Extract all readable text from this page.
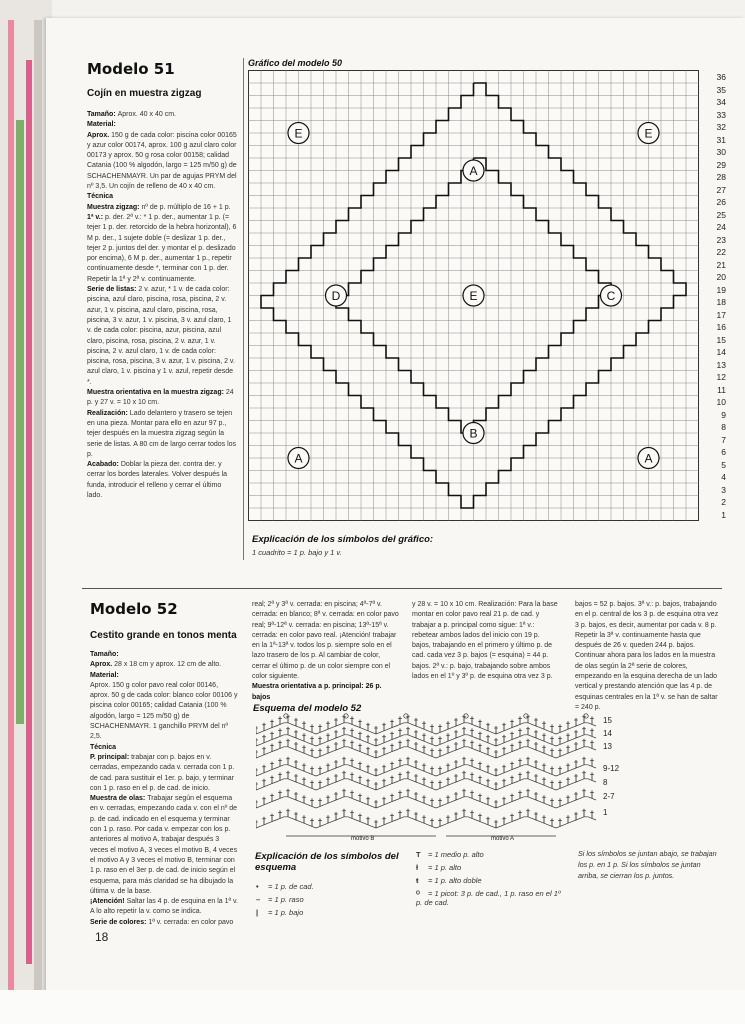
Modelo 51
Cojín en muestra zigzag

Tamaño: Aprox. 40 x 40 cm.

Material:

Aprox. 150 g de cada color: piscina color 00165 y azur color 00174, aprox. 100 g azul claro color 00173 y aprox. 50 g rosa color 00158; calidad Catania (100 % algodón, largo = 125 m/50 g) de SCHACHENMAYR. Un par de agujas PRYM del nº 3,5. Un cojín de relleno de 40 x 40 cm.

Técnica

Muestra zigzag: nº de p. múltiplo de 16 + 1 p.

1ª v.: p. der. 2ª v.: * 1 p. der., aumentar 1 p. (= tejer 1 p. der. retorcido de la hebra horizontal), 6 M p. der., 1 sujete doble (= deslizar 1 p. der., tejer 2 p. juntos del der. y montar el p. deslizado por encima), 6 M p. der., aumentar 1 p., repetir continuamente desde *, terminar con 1 p. der. Repetir la 1ª y 2ª v. continuamente.

Serie de listas: 2 v. azur, * 1 v. de cada color: piscina, azul claro, piscina, rosa, piscina, 2 v. azur, 1 v. piscina, azul claro, piscina, rosa, piscina, 3 v. azur, 1 v. piscina, 3 v. azul claro, 1 v. de cada color: piscina, azur, piscina, azul claro, piscina, rosa, piscina, 2 v. azur, 1 v. piscina, 2 v. azul claro, 1 v. de cada color: piscina, rosa, piscina, 3 v. azur, 1 v. piscina, 2 v. azul claro, 1 v. piscina y 1 v. azul, repetir desde *.

Muestra orientativa en la muestra zigzag: 24 p. y 27 v. = 10 x 10 cm.

Realización: Lado delantero y trasero se tejen en una pieza. Montar para ello en azur 97 p., tejer después en la muestra zigzag según la serie de listas. A 80 cm de largo cerrar todos los p.

Acabado: Doblar la pieza der. contra der. y cerrar los bordes laterales. Volver después la funda, introducir el relleno y cerrar el último lado.

Gráfico del modelo 50
E	E
A
D	E	C
B
A	A
36
35
34
33
32
31
30
29
28
27
26
25
24
23
22
21
20
19
18
17
16
15
14
13
12
11
10
9
8
7
6
5
4
3
2
1
Explicación de los símbolos del gráfico:
1 cuadrito = 1 p. bajo y 1 v.
Modelo 52
Cestito grande en tonos menta

Tamaño:

Aprox. 28 x 18 cm y aprox. 12 cm de alto.

Material:

Aprox. 150 g color pavo real color 00146, aprox. 50 g de cada color: blanco color 00106 y piscina color 00165; calidad Catania (100 % algodón, largo = 125 m/50 g) de SCHACHENMAYR. 1 ganchillo PRYM del nº 2,5.

Técnica

P. principal: trabajar con p. bajos en v. cerradas, empezando cada v. cerrada con 1 p. de cad. para sustituir el 1er. p. bajo, y terminar con 1 p. raso en el p. de cad. de inicio.

Muestra de olas: Trabajar según el esquema en v. cerradas, empezando cada v. con el nº de p. de cad. indicado en el esquema y terminar con 1 p. raso. Por cada v. empezar con los p. anteriores al motivo A, trabajar después 3 veces el motivo A, 3 veces el motivo B, 4 veces el motivo A y 3 veces el motivo B, terminar con 1 p. raso en el 3er p. de cad. de inicio según el esquema, para más claridad se ha dibujado la última v. de la base.

¡Atención! Saltar las 4 p. de esquina en la 1ª v. A lo alto repetir la v. como se indica.

Serie de colores: 1ª v. cerrada: en color pavo

real; 2ª y 3ª v. cerrada: en piscina; 4ª-7ª v. cerrada: en blanco; 8ª v. cerrada: en color pavo real; 9ª-12ª v. cerrada: en piscina; 13ª-15ª v. cerrada: en color pavo real. ¡Atención! trabajar en la 1ª-13ª v. todos los p. siempre solo en el lazo trasero de los p. Al cambiar de color, cerrar el último p. de un color siempre con el color siguiente.

Muestra orientativa a p. principal: 26 p. bajos

y 28 v. = 10 x 10 cm. Realización: Para la base montar en color pavo real 21 p. de cad. y trabajar a p. principal como sigue: 1ª v.: rebetear ambos lados del inicio con 19 p. bajos, trabajando en el primero y último p. de cad. cada vez 3 p. bajos (= esquina) = 44 p. bajos. 2ª v.: p. bajo, trabajando sobre ambos lados en el 1º y 3º p. de esquina otra vez 3 p.
bajos = 52 p. bajos. 3ª v.: p. bajos, trabajando en el p. central de los 3 p. de esquina otra vez 3 p. bajos, es decir, aumentar por cada v. 8 p. Repetir la 3ª v. continuamente hasta que después de 26 v. queden 244 p. bajos. Continuar ahora para los lados en la muestra de olas según la 2ª serie de colores, empezando en la esquina derecha de un lado vertical y prestando atención que las 4 p. de esquinas centrales en la 1ª v. se han de saltar = 240 p.
Esquema del modelo 52
motivo B	motivo A
15
14
13
9-12
8
2-7
1
Explicación de los símbolos del esquema
• = 1 p. de cad.
– = 1 p. raso
| = 1 p. bajo
T = 1 medio p. alto
ł = 1 p. alto
ŧ = 1 p. alto doble
ᴼ = 1 picot: 3 p. de cad., 1 p. raso en el 1º p. de cad.
Si los símbolos se juntan abajo, se trabajan los p. en 1 p. Si los símbolos se juntan arriba, se cierran los p. juntos.
18
